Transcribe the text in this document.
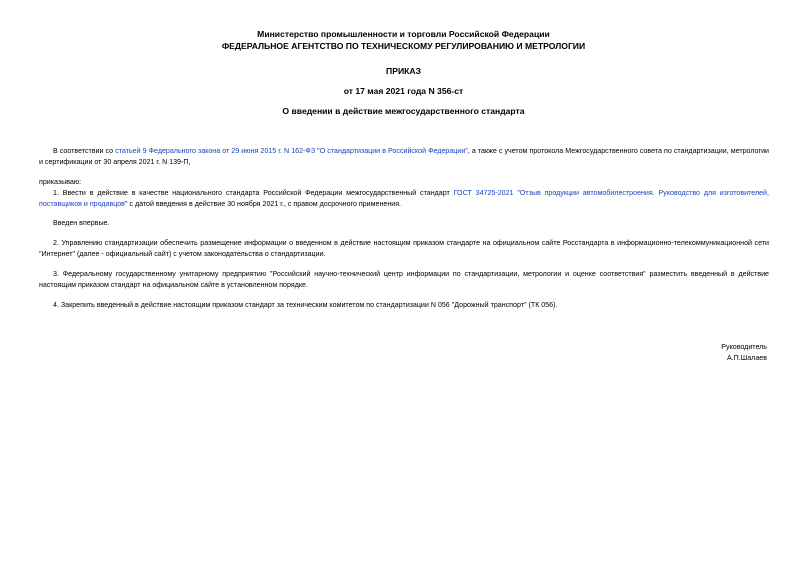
Министерство промышленности и торговли Российской Федерации
ФЕДЕРАЛЬНОЕ АГЕНТСТВО ПО ТЕХНИЧЕСКОМУ РЕГУЛИРОВАНИЮ И МЕТРОЛОГИИ
ПРИКАЗ
от 17 мая 2021 года N 356-ст
О введении в действие межгосударственного стандарта
В соответствии со статьей 9 Федерального закона от 29 июня 2015 г. N 162-ФЗ "О стандартизации в Российской Федерации", а также с учетом протокола Межгосударственного совета по стандартизации, метрологии и сертификации от 30 апреля 2021 г. N 139-П,
приказываю:
1. Ввести в действие в качестве национального стандарта Российской Федерации межгосударственный стандарт ГОСТ 34725-2021 "Отзыв продукции автомобилестроения. Руководство для изготовителей, поставщиков и продавцов" с датой введения в действие 30 ноября 2021 г., с правом досрочного применения.
Введен впервые.
2. Управлению стандартизации обеспечить размещение информации о введенном в действие настоящим приказом стандарте на официальном сайте Росстандарта в информационно-телекоммуникационной сети "Интернет" (далее - официальный сайт) с учетом законодательства о стандартизации.
3. Федеральному государственному унитарному предприятию "Российский научно-технический центр информации по стандартизации, метрологии и оценке соответствия" разместить введенный в действие настоящим приказом стандарт на официальном сайте в установленном порядке.
4. Закрепить введенный в действие настоящим приказом стандарт за техническим комитетом по стандартизации N 056 "Дорожный транспорт" (ТК 056).
Руководитель
А.П.Шалаев
